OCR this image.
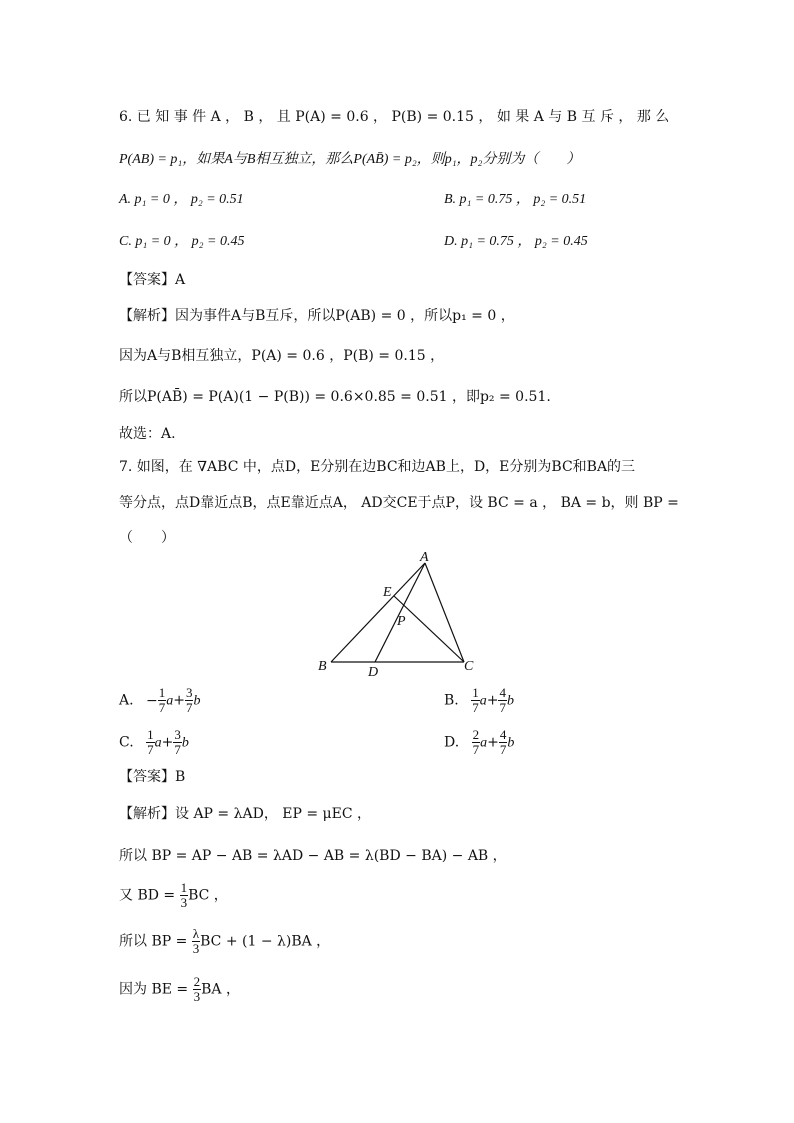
6. 已 知 事 件 A ， B ， 且 P(A) = 0.6 ， P(B) = 0.15 ， 如 果 A 与 B 互 斥 ， 那 么
P(AB) = p₁，如果A与B相互独立，那么P(AB̄) = p₂，则p₁，p₂分别为（　　）
A. p₁ = 0 ， p₂ = 0.51	B. p₁ = 0.75 ， p₂ = 0.51
C. p₁ = 0 ， p₂ = 0.45	D. p₁ = 0.75 ， p₂ = 0.45
【答案】A
【解析】因为事件A与B互斥，所以P(AB) = 0 ，所以p₁ = 0 ，
因为A与B相互独立，P(A) = 0.6 ，P(B) = 0.15 ，
所以P(AB̄) = P(A)(1 − P(B)) = 0.6×0.85 = 0.51 ，即p₂ = 0.51.
故选：A.
7. 如图，在 ∇ABC 中，点D，E分别在边BC和边AB上，D，E分别为BC和BA的三
等分点，点D靠近点B，点E靠近点A， AD交CE于点P，设 BC = a ， BA = b，则 BP =
（　　）
A
E
P
B	D	C
A. − $\frac{1}{7} a+ \frac{3}{7}$ b	B. $\frac{1}{7} a+ \frac{4}{7}$ b
C. $\frac{1}{7} a+ \frac{3}{7}$ b	D. $\frac{2}{7} a+ \frac{4}{7}$ b
【答案】B
【解析】设 AP = λAD， EP = μEC ，
所以 BP = AP − AB = λAD − AB = λ(BD − BA) − AB ，
又 BD = $\frac{1}{3}$ BC ，
所以 BP = $\frac{\lambda}{3}$ BC + (1 − λ)BA ，
因为 BE = $\frac{2}{3}$ BA ，
